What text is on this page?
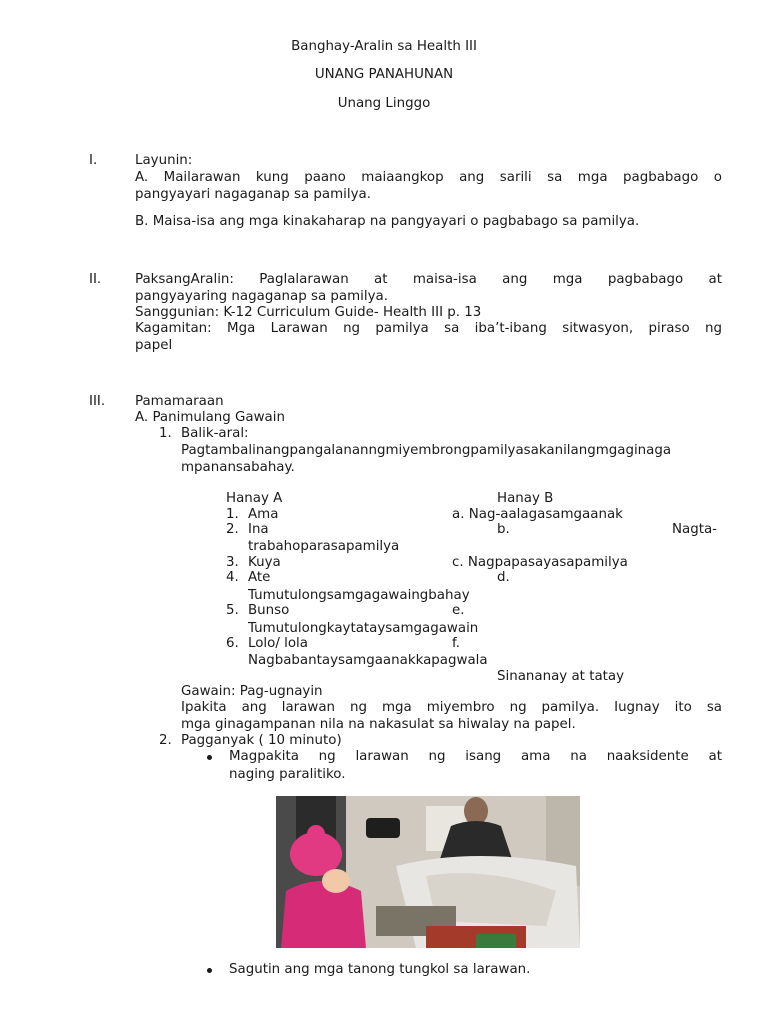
Banghay-Aralin sa Health III
UNANG PANAHUNAN
Unang Linggo
I.	Layunin:
A. Mailarawan kung paano maiaangkop ang sarili sa mga pagbabago o
pangyayari nagaganap sa pamilya.
B. Maisa-isa ang mga kinakaharap na pangyayari o pagbabago sa pamilya.
II.	PaksangAralin: Paglalarawan at maisa-isa ang mga pagbabago at
pangyayaring nagaganap sa pamilya.
Sanggunian: K-12 Curriculum Guide- Health III p. 13
Kagamitan: Mga Larawan ng pamilya sa iba’t-ibang sitwasyon, piraso ng
papel
III. Pamamaraan
A. Panimulang Gawain
1. Balik-aral:
Pagtambalinangpangalananngmiyembrongpamilyasakanilangmgaginaga
mpanansabahay.
Hanay A	Hanay B
1. Ama	a. Nag-aalagasamgaanak
2. Ina	b.	Nagta-
trabahoparasapamilya
3. Kuya	c. Nagpapasayasapamilya
4. Ate	d.
Tumutulongsamgagawaingbahay
5. Bunso	e.
Tumutulongkaytataysamgagawain
6. Lolo/ lola	f.
Nagbabantaysamgaanakkapagwala
Sinananay at tatay
Gawain: Pag-ugnayin
Ipakita ang larawan ng mga miyembro ng pamilya. Iugnay ito sa
mga ginagampanan nila na nakasulat sa hiwalay na papel.
2. Pagganyak ( 10 minuto)
Magpakita ng larawan ng isang ama na naaksidente at
naging paralitiko.
Sagutin ang mga tanong tungkol sa larawan.
